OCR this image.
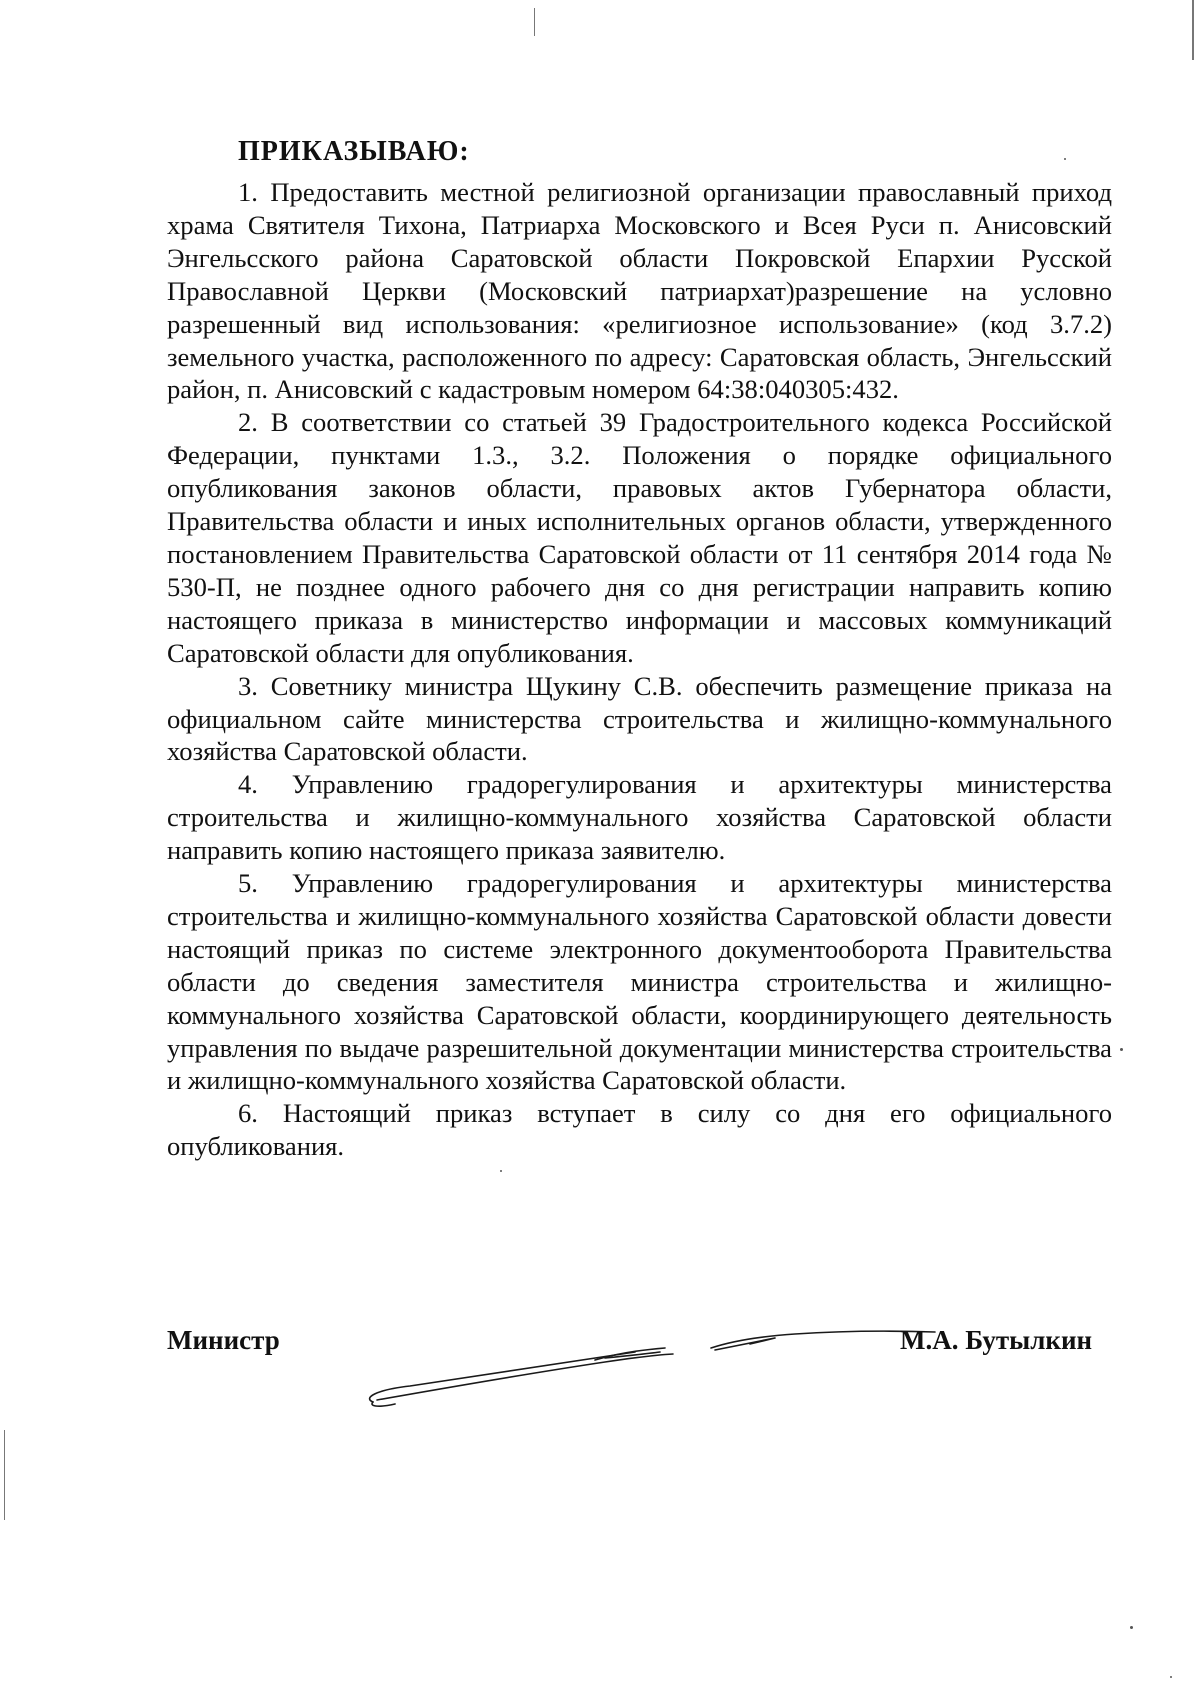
ПРИКАЗЫВАЮ:

1. Предоставить местной религиозной организации православный приход храма Святителя Тихона, Патриарха Московского и Всея Руси п. Анисовский Энгельсского района Саратовской области Покровской Епархии Русской Православной Церкви (Московский патриархат)разрешение на условно разрешенный вид использования: «религиозное использование» (код 3.7.2) земельного участка, расположенного по адресу: Саратовская область, Энгельсский район, п. Анисовский с кадастровым номером 64:38:040305:432.

2. В соответствии со статьей 39 Градостроительного кодекса Российской Федерации, пунктами 1.3., 3.2. Положения о порядке официального опубликования законов области, правовых актов Губернатора области, Правительства области и иных исполнительных органов области, утвержденного постановлением Правительства Саратовской области от 11 сентября 2014 года № 530-П, не позднее одного рабочего дня со дня регистрации направить копию настоящего приказа в министерство информации и массовых коммуникаций Саратовской области для опубликования.

3. Советнику министра Щукину С.В. обеспечить размещение приказа на официальном сайте министерства строительства и жилищно-коммунального хозяйства Саратовской области.

4. Управлению градорегулирования и архитектуры министерства строительства и жилищно-коммунального хозяйства Саратовской области направить копию настоящего приказа заявителю.

5. Управлению градорегулирования и архитектуры министерства строительства и жилищно-коммунального хозяйства Саратовской области довести настоящий приказ по системе электронного документооборота Правительства области до сведения заместителя министра строительства и жилищно-коммунального хозяйства Саратовской области, координирующего деятельность управления по выдаче разрешительной документации министерства строительства и жилищно-коммунального хозяйства Саратовской области.

6. Настоящий приказ вступает в силу со дня его официального опубликования.

Министр	М.А. Бутылкин
